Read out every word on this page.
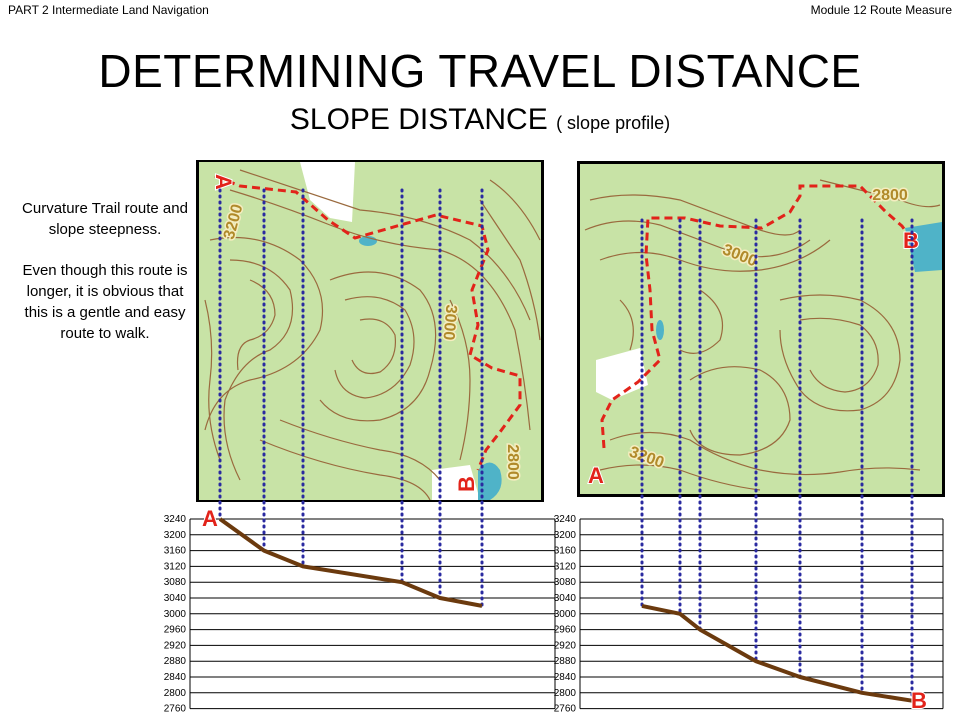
PART 2 Intermediate Land Navigation	Module 12 Route Measure
DETERMINING TRAVEL DISTANCE
SLOPE DISTANCE ( slope profile)

Curvature Trail route and slope steepness.

Even though this route is longer, it is obvious that this is a gentle and easy route to walk.

A
B
3200
3000
2800	A
B
2800
3000
3200
3240
3200
3160
3120
3080
3040
3000
2960
2920
2880
2840
2800
2760
A	3240
3200
3160
3120
3080
3040
3000
2960
2920
2880
2840
2800
2760	B
